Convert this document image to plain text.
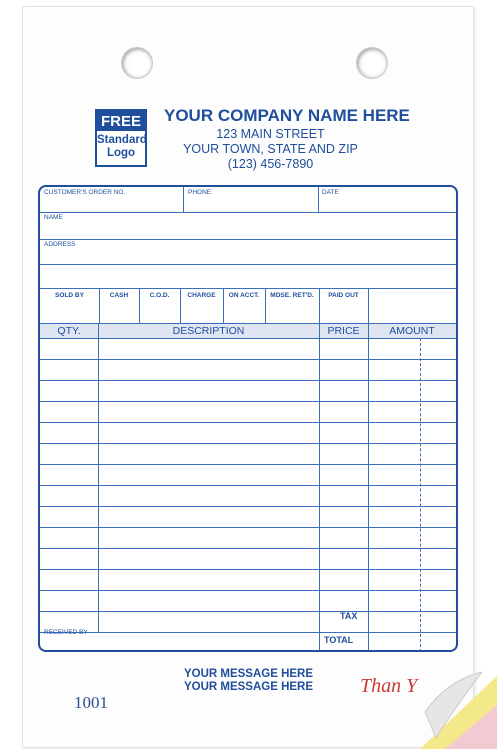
FREE
Standard
Logo
YOUR COMPANY NAME HERE
123 MAIN STREET
YOUR TOWN, STATE AND ZIP
(123) 456-7890
CUSTOMER'S ORDER NO.	PHONE	DATE
NAME
ADDRESS
SOLD BY	CASH	C.O.D.	CHARGE	ON ACCT.	MDSE. RET'D.	PAID OUT
QTY.	DESCRIPTION	PRICE	AMOUNT
RECEIVED BY
TAX
TOTAL
YOUR MESSAGE HERE
YOUR MESSAGE HERE
1001
Than Y
